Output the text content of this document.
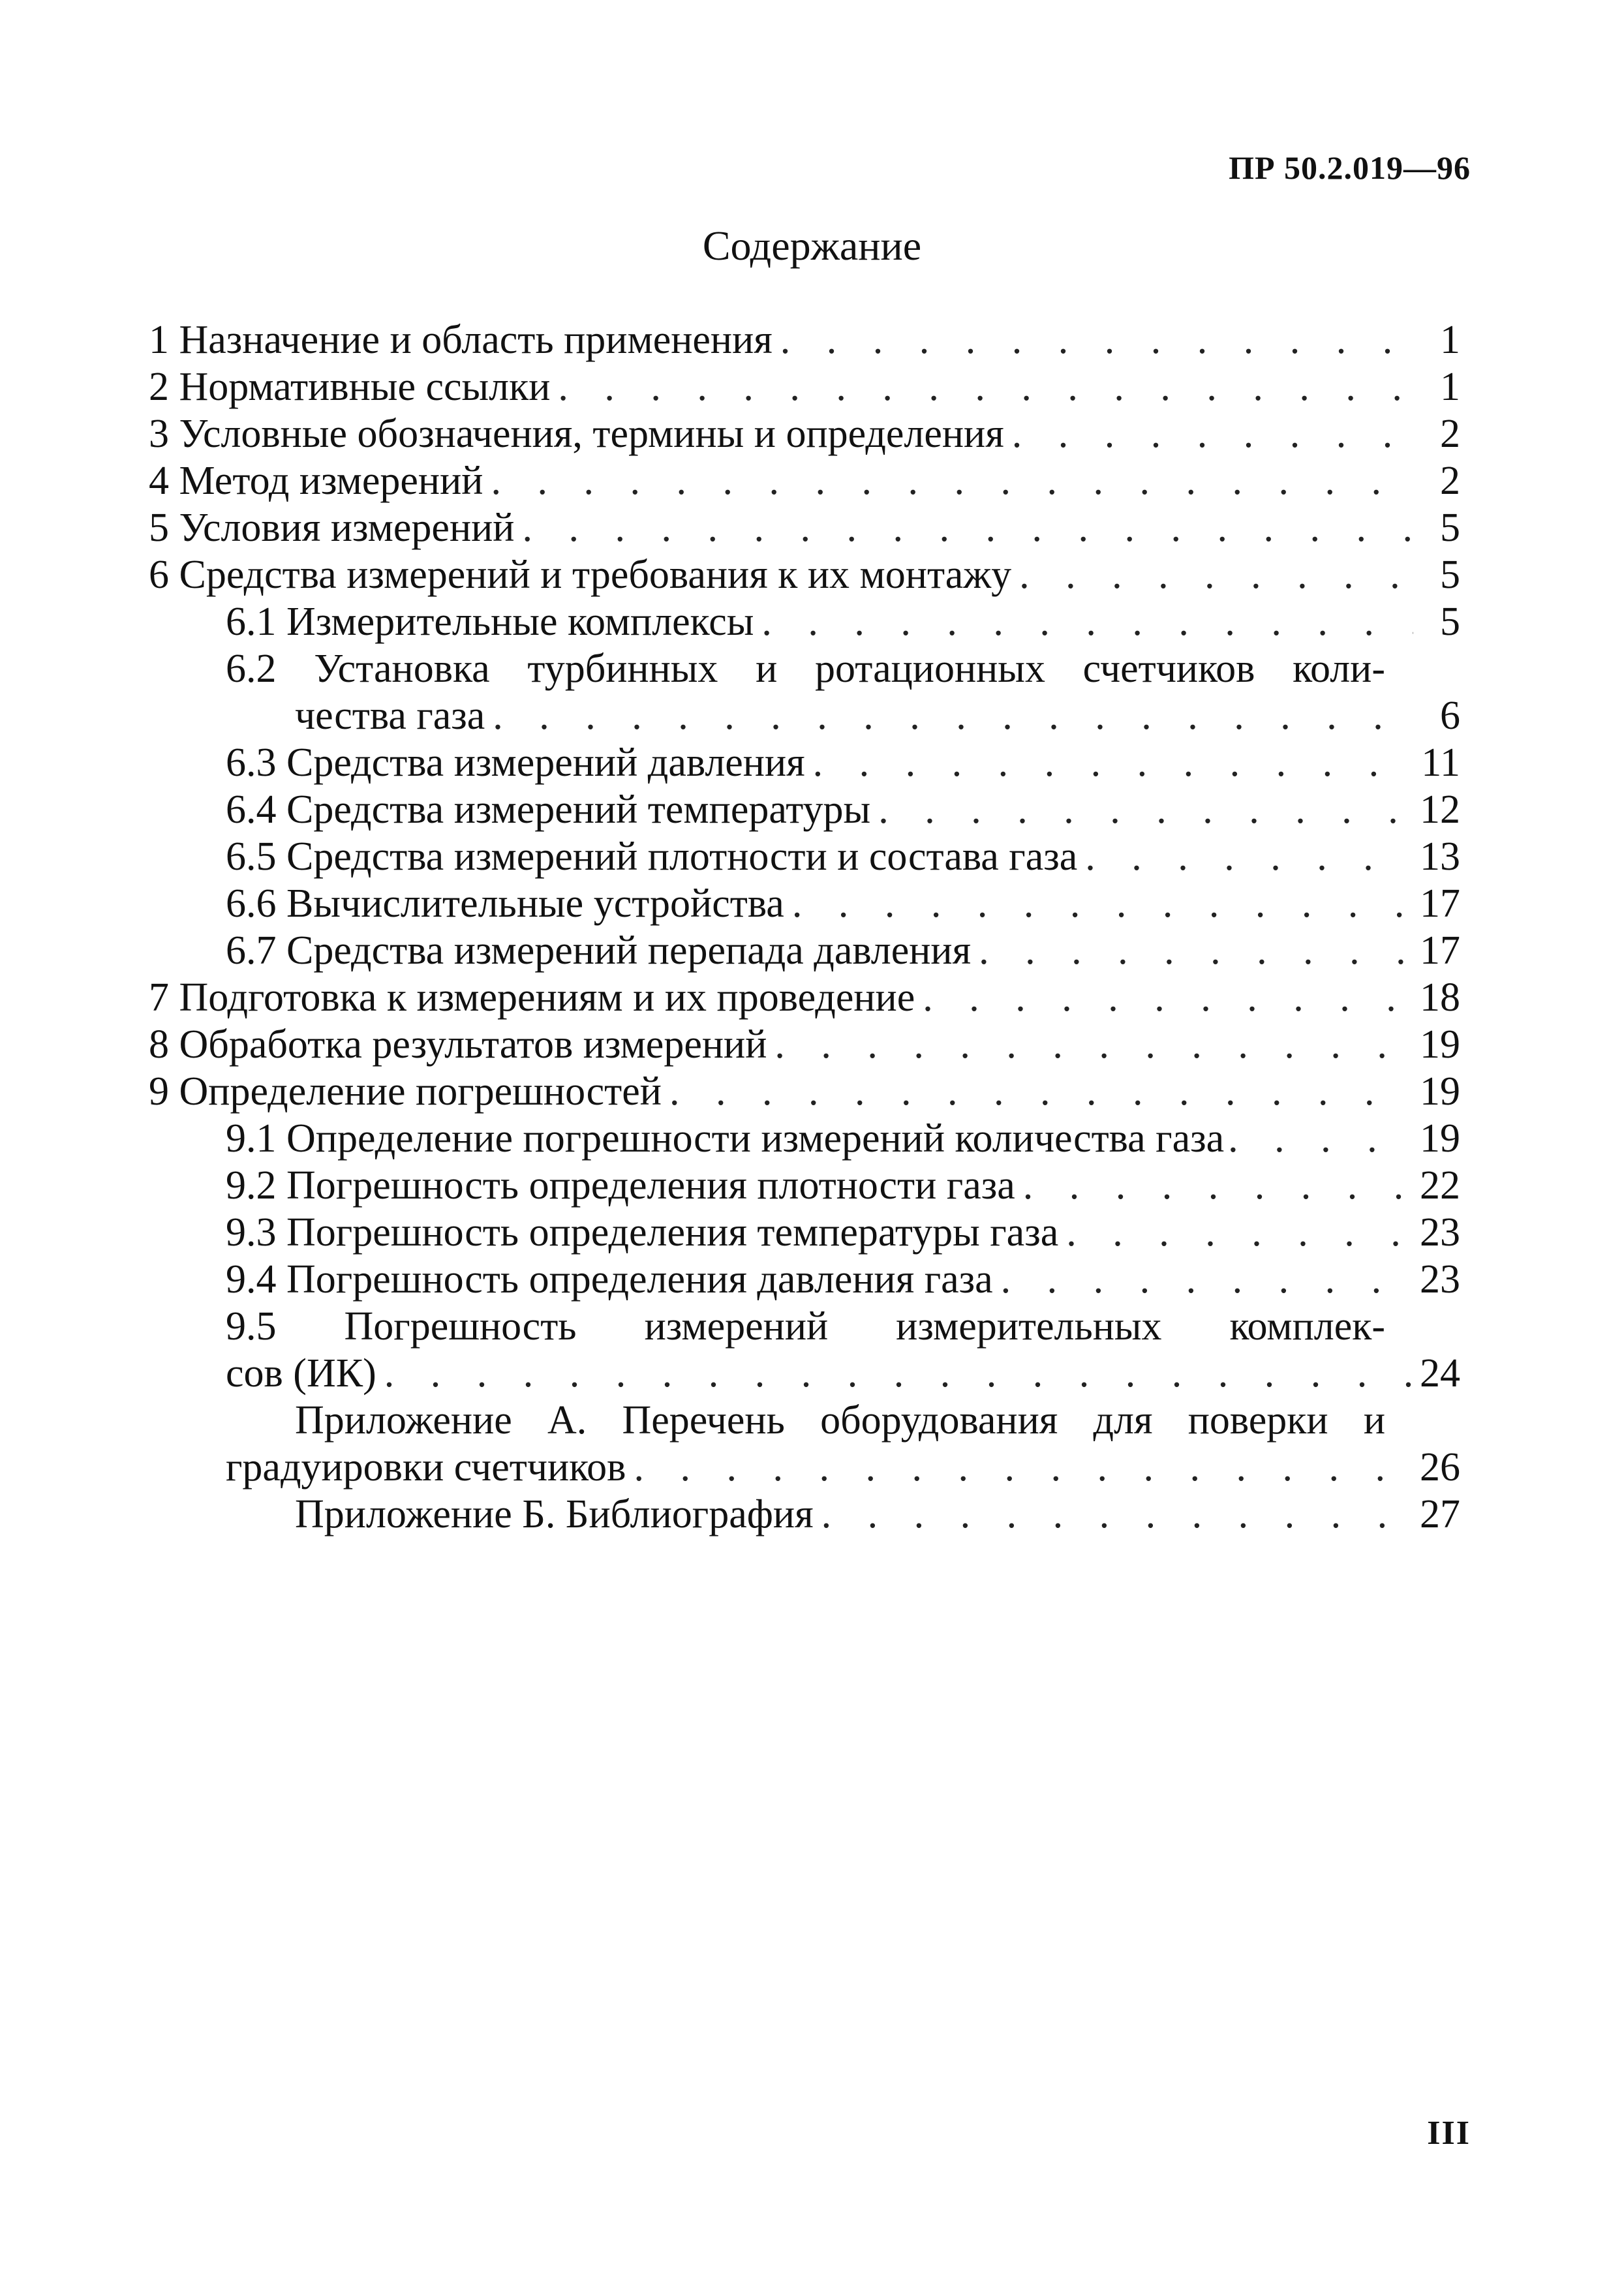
ПР 50.2.019—96
Содержание
1 Назначение и область применения . . .	1
2 Нормативные ссылки . . .	1
3 Условные обозначения, термины и определения . . .	2
4 Метод измерений . . .	2
5 Условия измерений . . .	5
6 Средства измерений и требования к их монтажу . . .	5
6.1 Измерительные комплексы . . .	5
6.2 Установка турбинных и ротационных счетчиков коли-
чества газа . . .	6
6.3 Средства измерений давления . . .	11
6.4 Средства измерений температуры . . .	12
6.5 Средства измерений плотности и состава газа . . .	13
6.6 Вычислительные устройства . . .	17
6.7 Средства измерений перепада давления . . .	17
7 Подготовка к измерениям и их проведение . . .	18
8 Обработка результатов измерений . . .	19
9 Определение погрешностей . . .	19
9.1 Определение погрешности измерений количества газа . . .	19
9.2 Погрешность определения плотности газа . . .	22
9.3 Погрешность определения температуры газа . . .	23
9.4 Погрешность определения давления газа . . .	23
9.5 Погрешность измерений измерительных комплек-
сов (ИК) . . .	24
Приложение А. Перечень оборудования для поверки и
градуировки счетчиков . . .	26
Приложение Б. Библиография . . .	27
III
